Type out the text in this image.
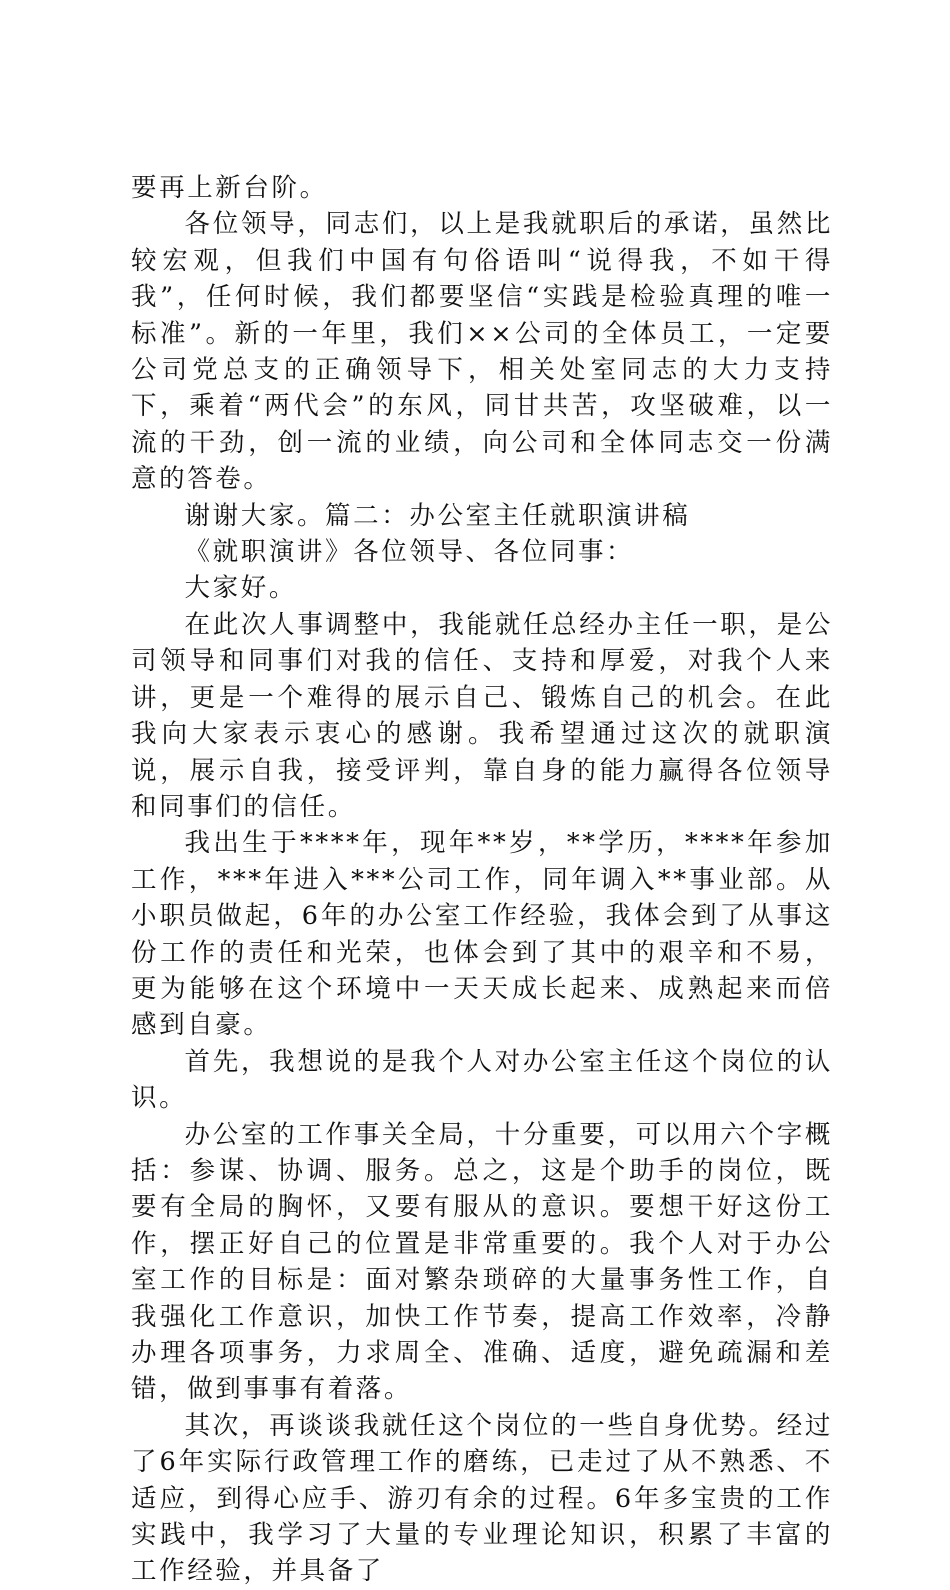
要再上新台阶。

各位领导，同志们，以上是我就职后的承诺，虽然比较宏观，但我们中国有句俗语叫“说得我，不如干得我”，任何时候，我们都要坚信“实践是检验真理的唯一标准”。新的一年里，我们××公司的全体员工，一定要公司党总支的正确领导下，相关处室同志的大力支持下，乘着“两代会”的东风，同甘共苦，攻坚破难，以一流的干劲，创一流的业绩，向公司和全体同志交一份满意的答卷。

谢谢大家。篇二：办公室主任就职演讲稿

《就职演讲》各位领导、各位同事：

大家好。

在此次人事调整中，我能就任总经办主任一职，是公司领导和同事们对我的信任、支持和厚爱，对我个人来讲，更是一个难得的展示自己、锻炼自己的机会。在此我向大家表示衷心的感谢。我希望通过这次的就职演说，展示自我，接受评判，靠自身的能力赢得各位领导和同事们的信任。

我出生于****年，现年**岁，**学历，****年参加工作，***年进入***公司工作，同年调入**事业部。从小职员做起，6年的办公室工作经验，我体会到了从事这份工作的责任和光荣，也体会到了其中的艰辛和不易，更为能够在这个环境中一天天成长起来、成熟起来而倍感到自豪。

首先，我想说的是我个人对办公室主任这个岗位的认识。

办公室的工作事关全局，十分重要，可以用六个字概括：参谋、协调、服务。总之，这是个助手的岗位，既要有全局的胸怀，又要有服从的意识。要想干好这份工作，摆正好自己的位置是非常重要的。我个人对于办公室工作的目标是：面对繁杂琐碎的大量事务性工作，自我强化工作意识，加快工作节奏，提高工作效率，冷静办理各项事务，力求周全、准确、适度，避免疏漏和差错，做到事事有着落。

其次，再谈谈我就任这个岗位的一些自身优势。经过了6年实际行政管理工作的磨练，已走过了从不熟悉、不适应，到得心应手、游刃有余的过程。6年多宝贵的工作实践中，我学习了大量的专业理论知识，积累了丰富的工作经验，并具备了
